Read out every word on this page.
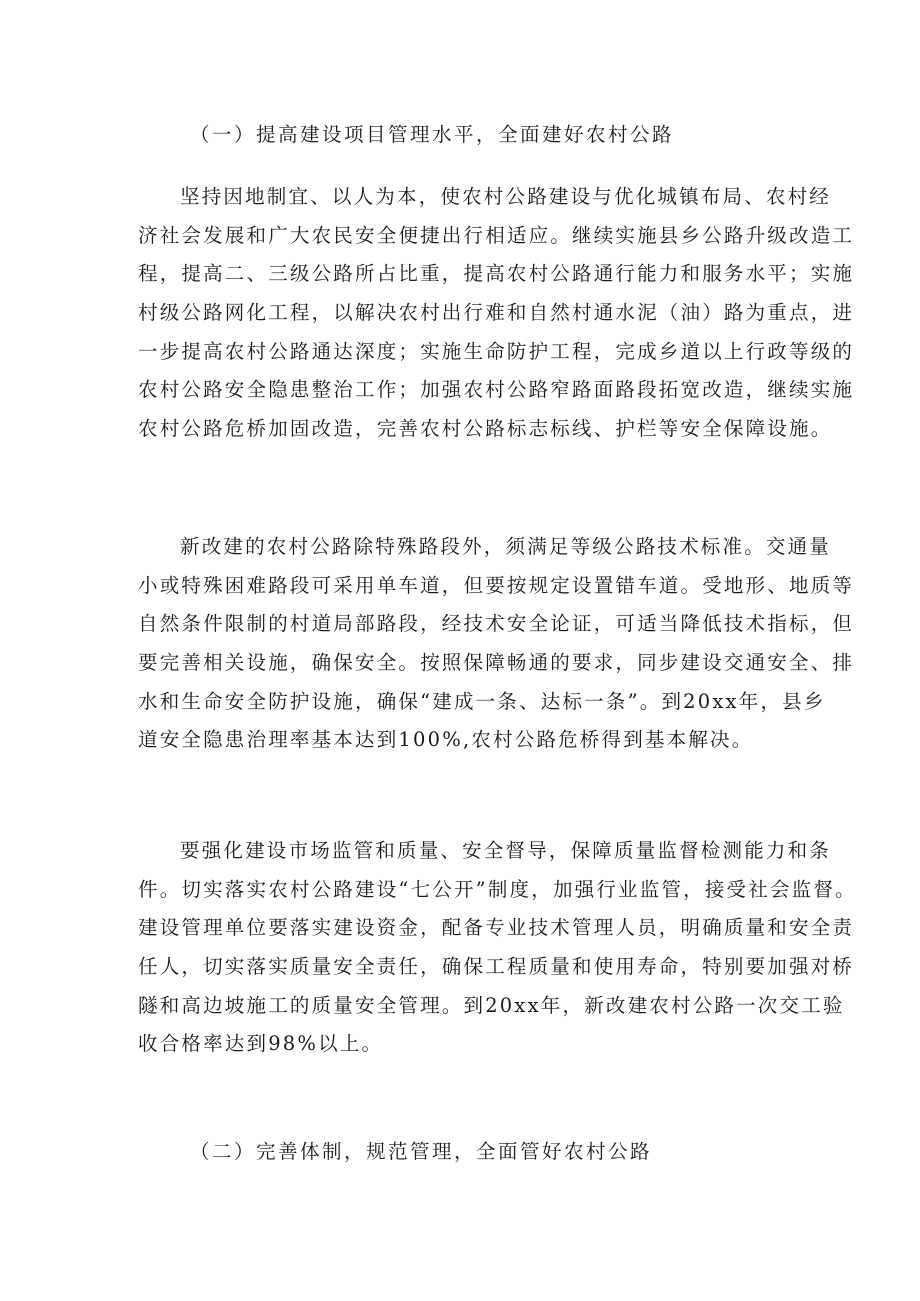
（一）提高建设项目管理水平，全面建好农村公路
坚持因地制宜、以人为本，使农村公路建设与优化城镇布局、农村经
济社会发展和广大农民安全便捷出行相适应。继续实施县乡公路升级改造工
程，提高二、三级公路所占比重，提高农村公路通行能力和服务水平；实施
村级公路网化工程，以解决农村出行难和自然村通水泥（油）路为重点，进
一步提高农村公路通达深度；实施生命防护工程，完成乡道以上行政等级的
农村公路安全隐患整治工作；加强农村公路窄路面路段拓宽改造，继续实施
农村公路危桥加固改造，完善农村公路标志标线、护栏等安全保障设施。
新改建的农村公路除特殊路段外，须满足等级公路技术标准。交通量
小或特殊困难路段可采用单车道，但要按规定设置错车道。受地形、地质等
自然条件限制的村道局部路段，经技术安全论证，可适当降低技术指标，但
要完善相关设施，确保安全。按照保障畅通的要求，同步建设交通安全、排
水和生命安全防护设施，确保“建成一条、达标一条”。到20xx年，县乡
道安全隐患治理率基本达到100%,农村公路危桥得到基本解决。
要强化建设市场监管和质量、安全督导，保障质量监督检测能力和条
件。切实落实农村公路建设“七公开”制度，加强行业监管，接受社会监督。
建设管理单位要落实建设资金，配备专业技术管理人员，明确质量和安全责
任人，切实落实质量安全责任，确保工程质量和使用寿命，特别要加强对桥
隧和高边坡施工的质量安全管理。到20xx年，新改建农村公路一次交工验
收合格率达到98%以上。
（二）完善体制，规范管理，全面管好农村公路
